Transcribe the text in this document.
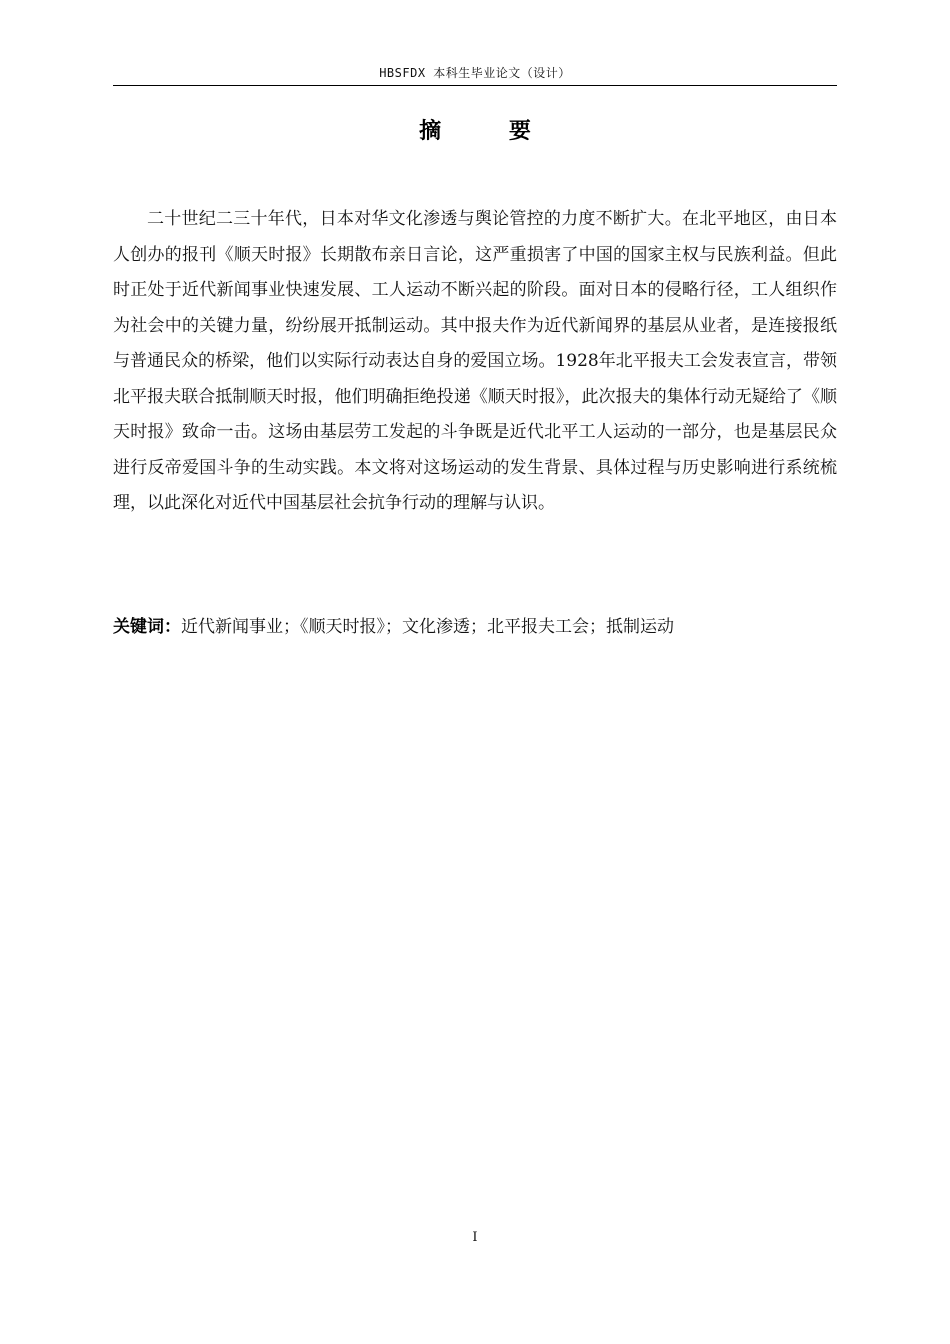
HBSFDX 本科生毕业论文（设计）
摘 要

二十世纪二三十年代，日本对华文化渗透与舆论管控的力度不断扩大。在北平地区，由日本人创办的报刊《顺天时报》长期散布亲日言论，这严重损害了中国的国家主权与民族利益。但此时正处于近代新闻事业快速发展、工人运动不断兴起的阶段。面对日本的侵略行径，工人组织作为社会中的关键力量，纷纷展开抵制运动。其中报夫作为近代新闻界的基层从业者，是连接报纸与普通民众的桥梁，他们以实际行动表达自身的爱国立场。1928年北平报夫工会发表宣言，带领北平报夫联合抵制顺天时报，他们明确拒绝投递《顺天时报》，此次报夫的集体行动无疑给了《顺天时报》致命一击。这场由基层劳工发起的斗争既是近代北平工人运动的一部分，也是基层民众进行反帝爱国斗争的生动实践。本文将对这场运动的发生背景、具体过程与历史影响进行系统梳理，以此深化对近代中国基层社会抗争行动的理解与认识。

关键词：近代新闻事业；《顺天时报》；文化渗透；北平报夫工会；抵制运动
I
